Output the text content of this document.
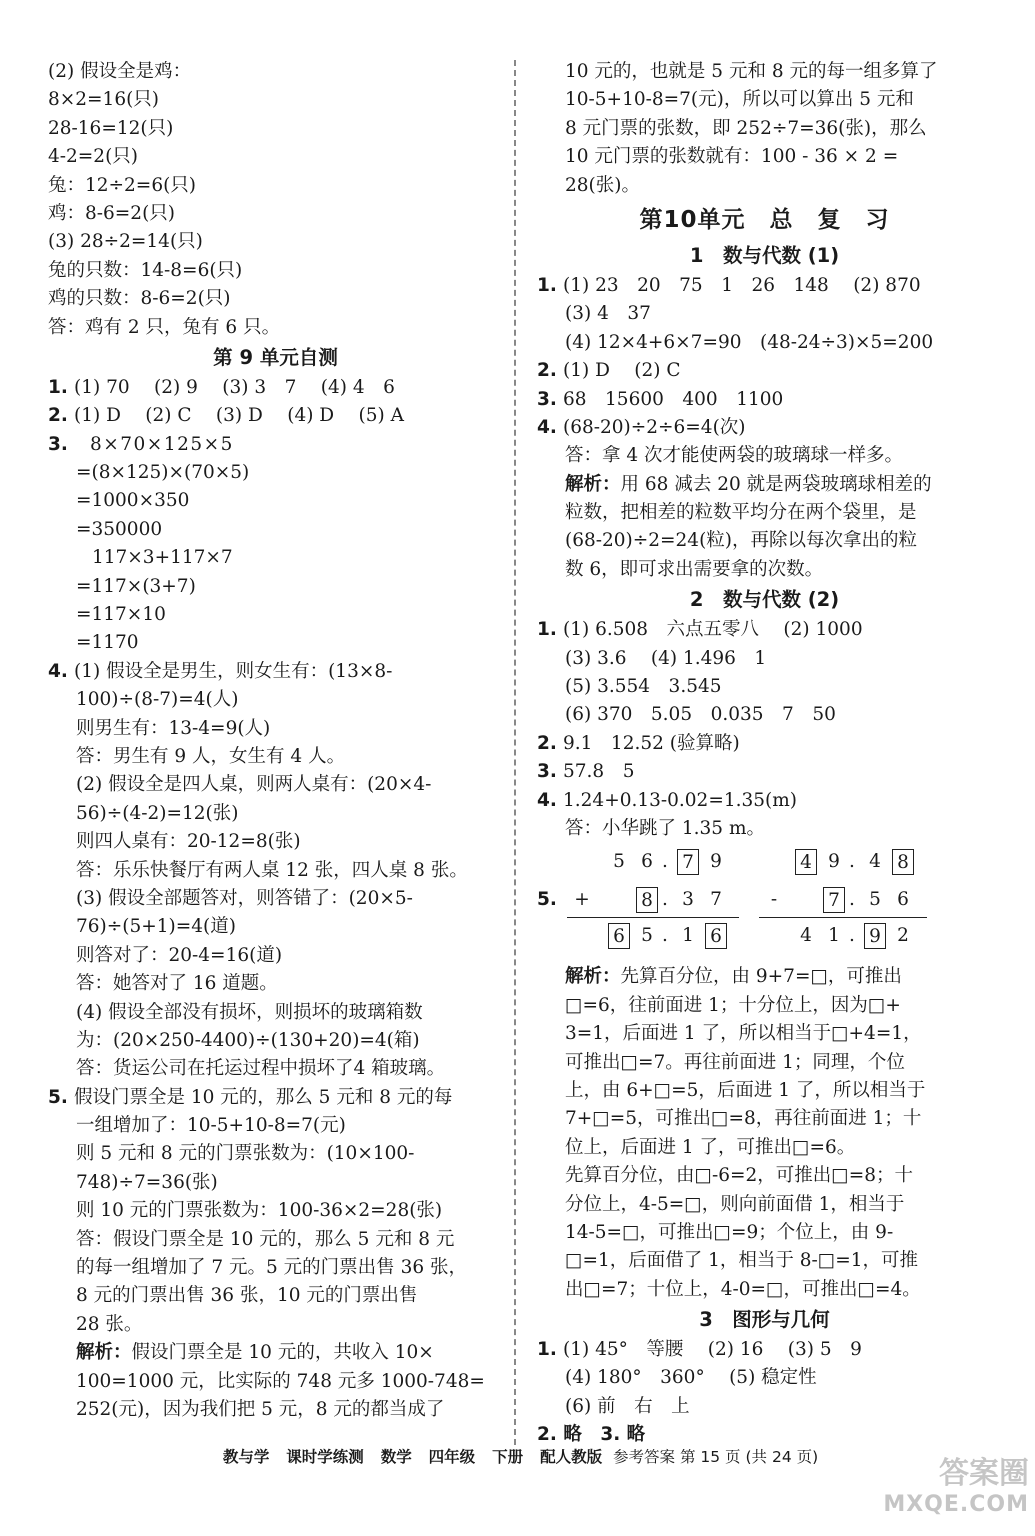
(2) 假设全是鸡：
8×2=16(只)
28-16=12(只)
4-2=2(只)
兔：12÷2=6(只)
鸡：8-6=2(只)
(3) 28÷2=14(只)
兔的只数：14-8=6(只)
鸡的只数：8-6=2(只)
答：鸡有 2 只，兔有 6 只。
第 9 单元自测
1. (1) 70　 (2) 9　 (3) 3　7　 (4) 4　6
2. (1) D　 (2) C　 (3) D　 (4) D　 (5) A
3. 8×70×125×5
=(8×125)×(70×5)
=1000×350
=350000
117×3+117×7
=117×(3+7)
=117×10
=1170
4. (1) 假设全是男生，则女生有：(13×8-
100)÷(8-7)=4(人)
则男生有：13-4=9(人)
答：男生有 9 人，女生有 4 人。
(2) 假设全是四人桌，则两人桌有：(20×4-
56)÷(4-2)=12(张)
则四人桌有：20-12=8(张)
答：乐乐快餐厅有两人桌 12 张，四人桌 8 张。
(3) 假设全部题答对，则答错了：(20×5-
76)÷(5+1)=4(道)
则答对了：20-4=16(道)
答：她答对了 16 道题。
(4) 假设全部没有损坏，则损坏的玻璃箱数
为：(20×250-4400)÷(130+20)=4(箱)
答：货运公司在托运过程中损坏了4 箱玻璃。
5. 假设门票全是 10 元的，那么 5 元和 8 元的每
一组增加了：10-5+10-8=7(元)
则 5 元和 8 元的门票张数为：(10×100-
748)÷7=36(张)
则 10 元的门票张数为：100-36×2=28(张)
答：假设门票全是 10 元的，那么 5 元和 8 元
的每一组增加了 7 元。5 元的门票出售 36 张，
8 元的门票出售 36 张，10 元的门票出售
28 张。
解析：假设门票全是 10 元的，共收入 10×
100=1000 元，比实际的 748 元多 1000-748=
252(元)，因为我们把 5 元，8 元的都当成了
10 元的，也就是 5 元和 8 元的每一组多算了
10-5+10-8=7(元)，所以可以算出 5 元和
8 元门票的张数，即 252÷7=36(张)，那么
10 元门票的张数就有：100 - 36 × 2 =
28(张)。
第10单元　总　复　习
1　数与代数 (1)
1. (1) 23　20　75　1　26　148　 (2) 870
(3) 4　37
(4) 12×4+6×7=90　(48-24÷3)×5=200
2. (1) D　 (2) C
3. 68　15600　400　1100
4. (68-20)÷2÷6=4(次)
答：拿 4 次才能使两袋的玻璃球一样多。
解析：用 68 减去 20 就是两袋玻璃球相差的
粒数，把相差的粒数平均分在两个袋里，是
(68-20)÷2=24(粒)，再除以每次拿出的粒
数 6，即可求出需要拿的次数。
2　数与代数 (2)
1. (1) 6.508　六点五零八　 (2) 1000
(3) 3.6　 (4) 1.496　1
(5) 3.554　3.545
(6) 370　5.05　0.035　7　50
2. 9.1　12.52 (验算略)
3. 57.8　5
4. 1.24+0.13-0.02=1.35(m)
答：小华跳了 1.35 m。
5.
5 6 . 7 9
+	8 . 3 7
6 5 . 1 6
4 9 . 4 8
-	7 . 5 6
4 1 . 9 2
解析：先算百分位，由 9+7=□，可推出
□=6，往前面进 1；十分位上，因为□+
3=1，后面进 1 了，所以相当于□+4=1，
可推出□=7。再往前面进 1；同理，个位
上，由 6+□=5，后面进 1 了，所以相当于
7+□=5，可推出□=8，再往前面进 1；十
位上，后面进 1 了，可推出□=6。
先算百分位，由□-6=2，可推出□=8；十
分位上，4-5=□，则向前面借 1，相当于
14-5=□，可推出□=9；个位上，由 9-
□=1，后面借了 1，相当于 8-□=1，可推
出□=7；十位上，4-0=□，可推出□=4。
3　图形与几何
1. (1) 45°　等腰　 (2) 16　 (3) 5　9
(4) 180°　360°　 (5) 稳定性
(6) 前　右　上
2. 略　3. 略
教与学 课时学练测 数学 四年级 下册 配人教版 参考答案 第 15 页 (共 24 页)	答案圈
MXQE.COM
